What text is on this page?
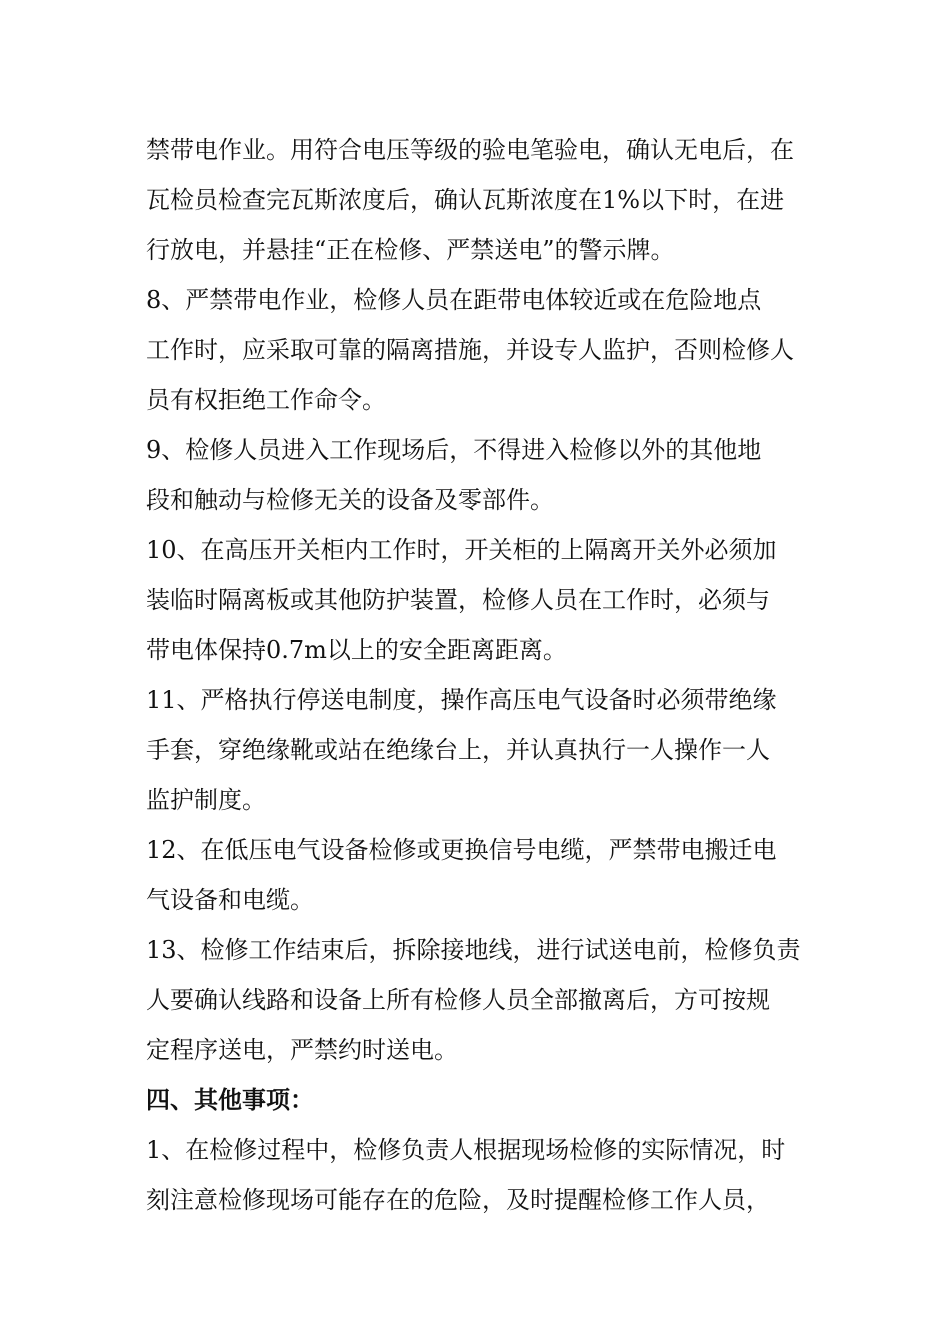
禁带电作业。用符合电压等级的验电笔验电，确认无电后，在
瓦检员检查完瓦斯浓度后，确认瓦斯浓度在1%以下时，在进
行放电，并悬挂“正在检修、严禁送电”的警示牌。
8、严禁带电作业，检修人员在距带电体较近或在危险地点
工作时，应采取可靠的隔离措施，并设专人监护，否则检修人
员有权拒绝工作命令。
9、检修人员进入工作现场后，不得进入检修以外的其他地
段和触动与检修无关的设备及零部件。
10、在高压开关柜内工作时，开关柜的上隔离开关外必须加
装临时隔离板或其他防护装置，检修人员在工作时，必须与
带电体保持0.7m以上的安全距离距离。
11、严格执行停送电制度，操作高压电气设备时必须带绝缘
手套，穿绝缘靴或站在绝缘台上，并认真执行一人操作一人
监护制度。
12、在低压电气设备检修或更换信号电缆，严禁带电搬迁电
气设备和电缆。
13、检修工作结束后，拆除接地线，进行试送电前，检修负责
人要确认线路和设备上所有检修人员全部撤离后，方可按规
定程序送电，严禁约时送电。
四、其他事项：
1、在检修过程中，检修负责人根据现场检修的实际情况，时
刻注意检修现场可能存在的危险，及时提醒检修工作人员，
